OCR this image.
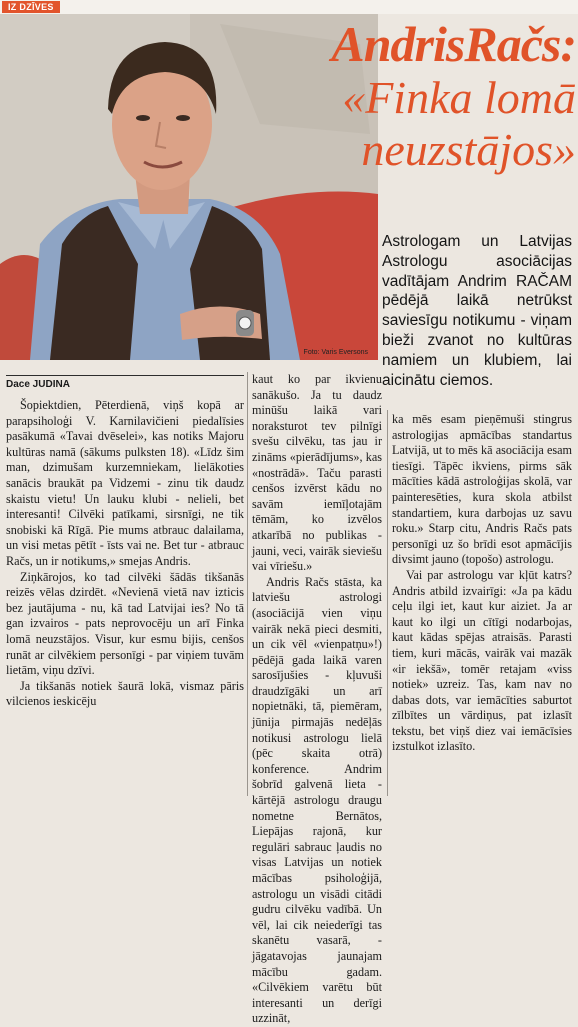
IZ DZĪVES
Foto: Varis Eversons
AndrisRačs:
«Finka lomā
neuzstājos»
Astrologam un Latvijas Astrologu asociācijas vadītājam Andrim RAČAM pēdējā laikā netrūkst saviesīgu notikumu - viņam bieži zvanot no kultūras namiem un klubiem, lai aicinātu ciemos.
Dace JUDINA

Šopiektdien, Pēterdienā, viņš kopā ar parapsiholoģi V. Karnilavičieni piedalīsies pasākumā «Tavai dvēselei», kas notiks Majoru kultūras namā (sākums pulksten 18). «Līdz šim man, dzimušam kurzemniekam, lielākoties sanācis braukāt pa Vidzemi - zinu tik daudz skaistu vietu! Un lauku klubi - nelieli, bet interesanti! Cilvēki patīkami, sirsnīgi, ne tik snobiski kā Rīgā. Pie mums atbrauc dalailama, un visi metas pētīt - īsts vai ne. Bet tur - atbrauc Račs, un ir notikums,» smejas Andris.

Ziņkārojos, ko tad cilvēki šādās tikšanās reizēs vēlas dzirdēt. «Nevienā vietā nav izticis bez jautājuma - nu, kā tad Latvijai ies? No tā gan izvairos - pats neprovocēju un arī Finka lomā neuzstājos. Visur, kur esmu bijis, cenšos runāt ar cilvēkiem personīgi - par viņiem tuvām lietām, viņu dzīvi.

Ja tikšanās notiek šaurā lokā, vismaz pāris vilcienos ieskicēju

kaut ko par ikvienu sanākušo. Ja tu daudz minūšu laikā vari noraksturot tev pilnīgi svešu cilvēku, tas jau ir zināms «pierādījums», kas «nostrādā». Taču parasti cenšos izvērst kādu no savām iemīļotajām tēmām, ko izvēlos atkarībā no publikas - jauni, veci, vairāk sieviešu vai vīriešu.»

Andris Račs stāsta, ka latviešu astrologi (asociācijā vien viņu vairāk nekā pieci desmiti, un cik vēl «vienpatņu»!) pēdējā gada laikā varen sarosījušies - kļuvuši draudzīgāki un arī nopietnāki, tā, piemēram, jūnija pirmajās nedēļās notikusi astrologu lielā (pēc skaita otrā) konference. Andrim šobrīd galvenā lieta - kārtējā astrologu draugu nometne Bernātos, Liepājas rajonā, kur regulāri sabrauc ļaudis no visas Latvijas un notiek mācības psiholoģijā, astrologu un visādi citādi gudru cilvēku vadībā. Un vēl, lai cik neiederīgi tas skanētu vasarā, - jāgatavojas jaunajam mācību gadam. «Cilvēkiem varētu būt interesanti un derīgi uzzināt,

ka mēs esam pieņēmuši stingrus astrologijas apmācības standartus Latvijā, ut to mēs kā asociācija esam tiesīgi. Tāpēc ikviens, pirms sāk mācīties kādā astroloģijas skolā, var painteresēties, kura skola atbilst standartiem, kura darbojas uz savu roku.» Starp citu, Andris Račs pats personīgi uz šo brīdi esot apmācījis divsimt jauno (topošo) astrologu.

Vai par astrologu var kļūt katrs? Andris atbild izvairīgi: «Ja pa kādu ceļu ilgi iet, kaut kur aiziet. Ja ar kaut ko ilgi un cītīgi nodarbojas, kaut kādas spējas atraisās. Parasti tiem, kuri mācās, vairāk vai mazāk «ir iekšā», tomēr retajam «viss notiek» uzreiz. Tas, kam nav no dabas dots, var iemācīties saburtot zīlbītes un vārdiņus, pat izlasīt tekstu, bet viņš diez vai iemācīsies izstulkot izlasīto.
